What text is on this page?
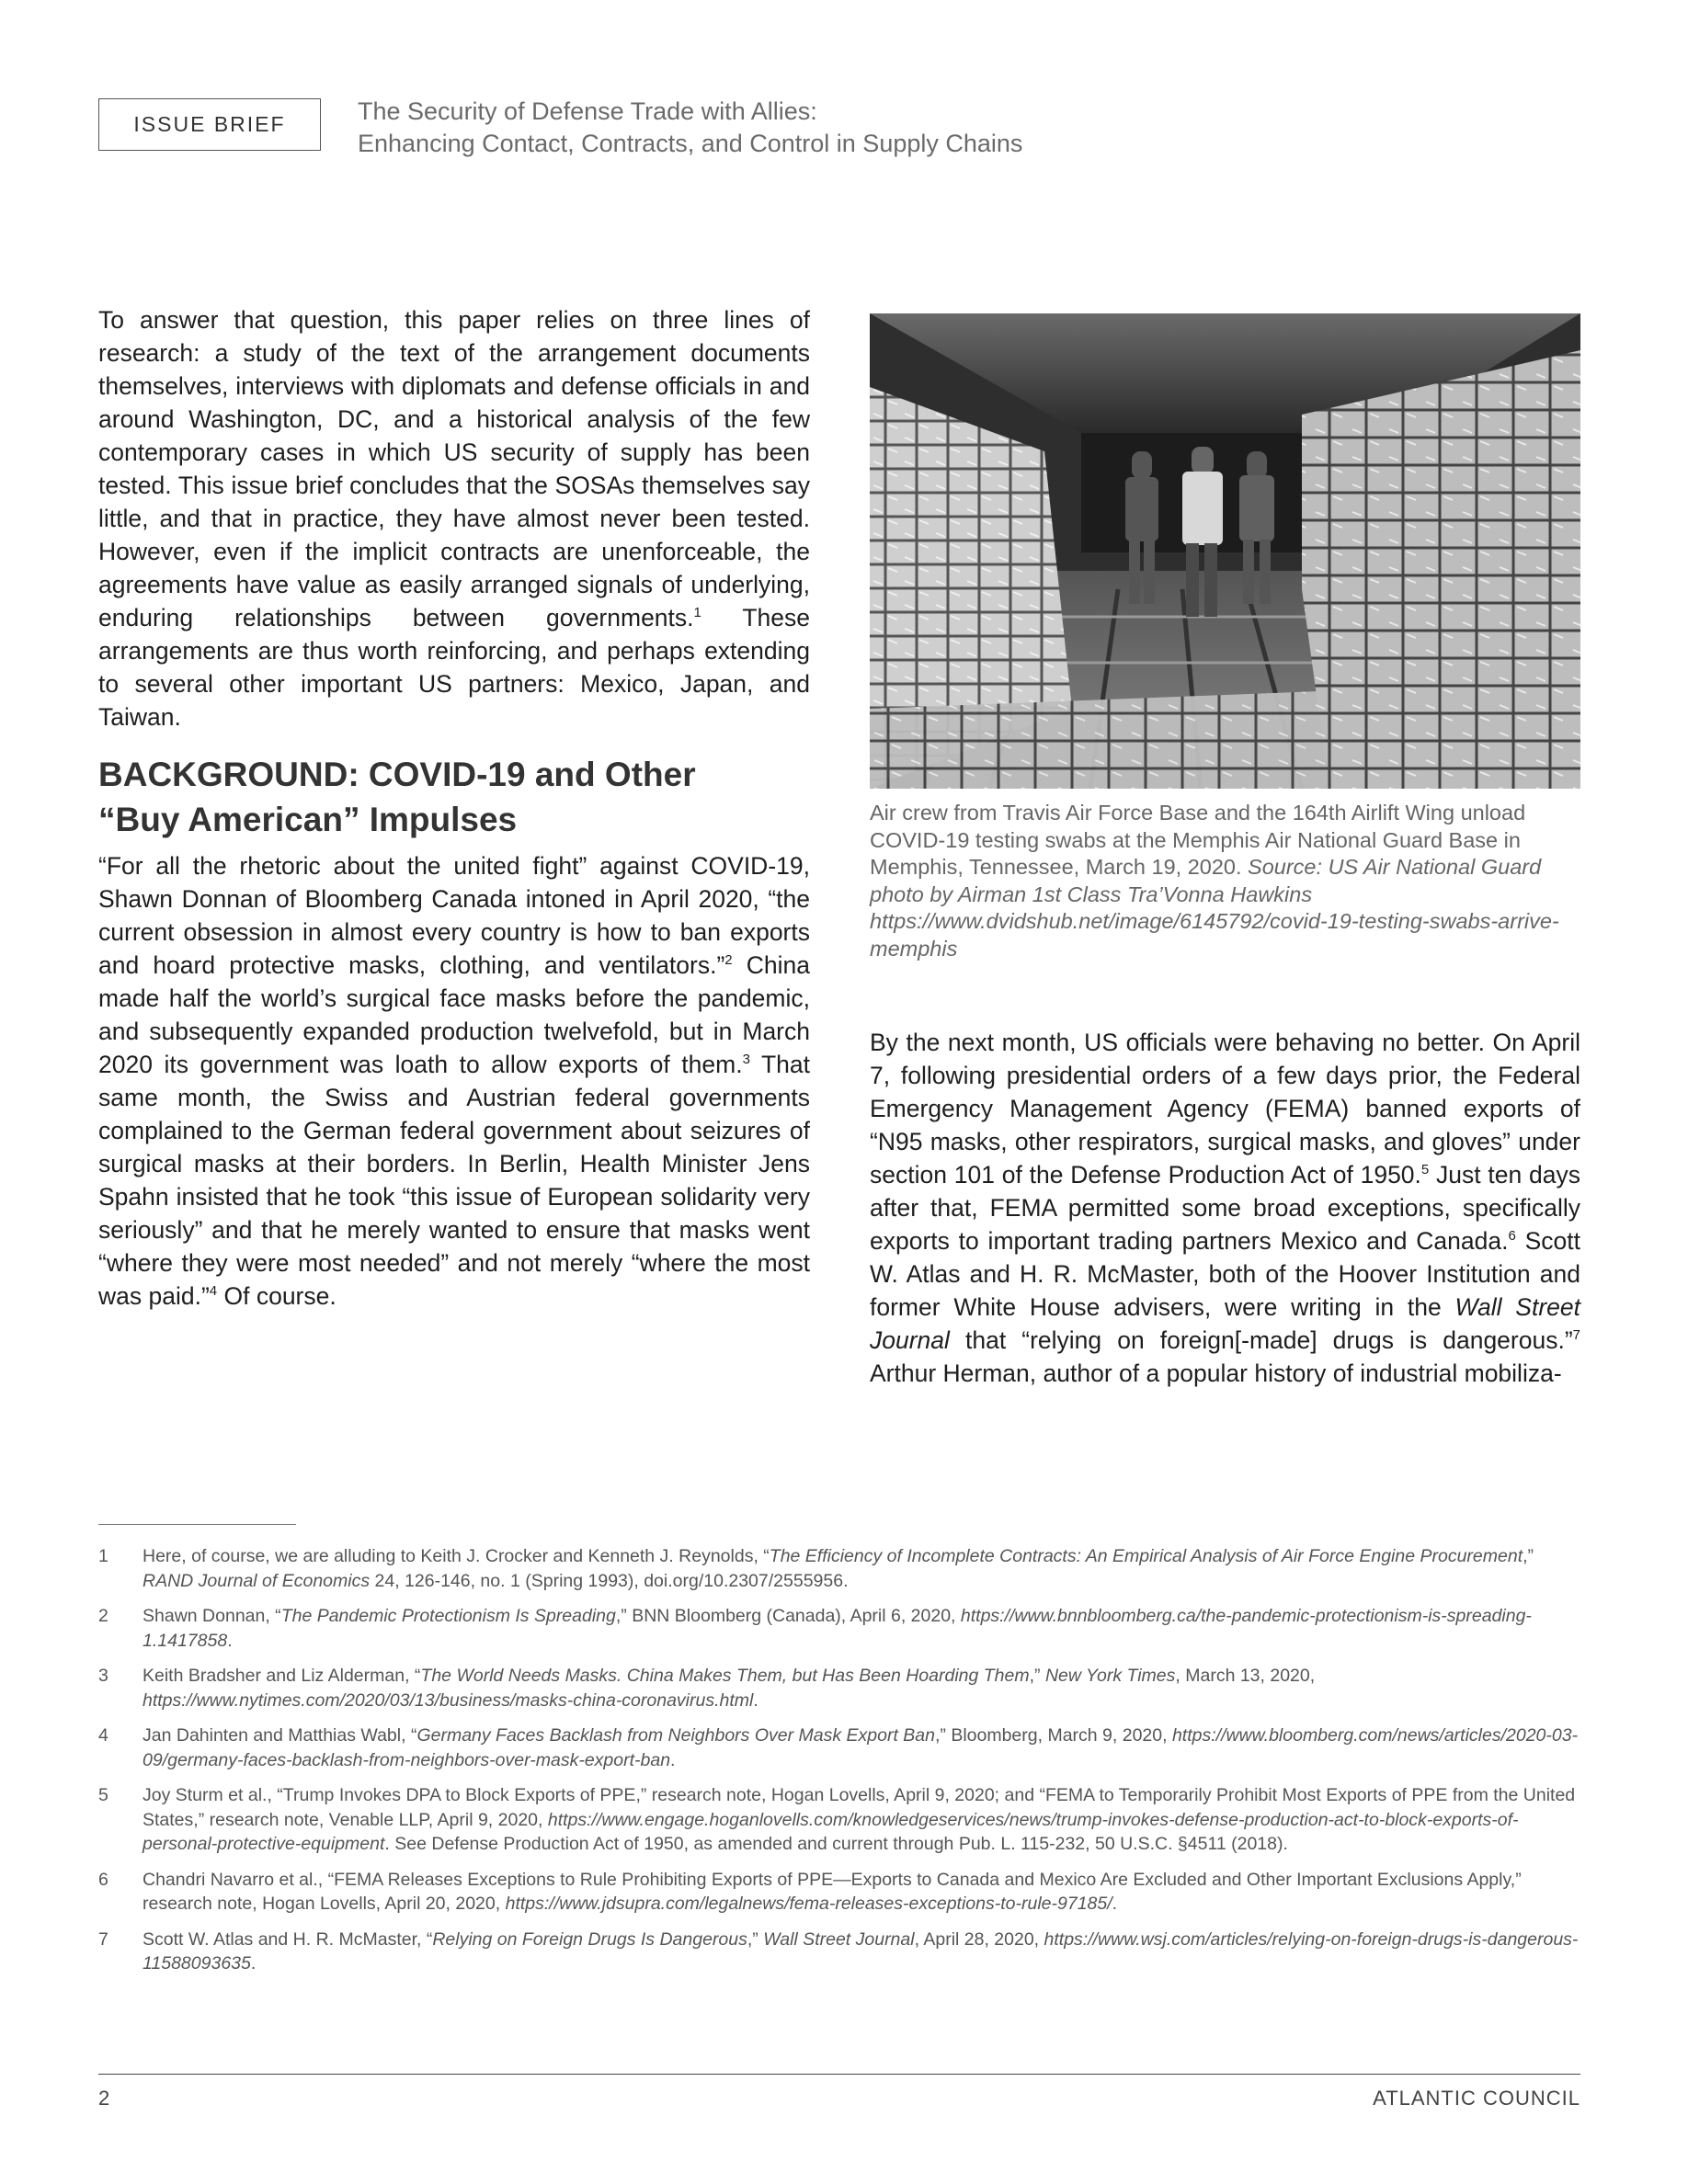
ISSUE BRIEF	The Security of Defense Trade with Allies:
Enhancing Contact, Contracts, and Control in Supply Chains

To answer that question, this paper relies on three lines of research: a study of the text of the arrangement documents themselves, interviews with diplomats and defense officials in and around Washington, DC, and a historical analysis of the few contemporary cases in which US security of supply has been tested. This issue brief concludes that the SOSAs themselves say little, and that in practice, they have almost never been tested. However, even if the implicit contracts are unenforceable, the agreements have value as easily arranged signals of underlying, enduring relationships between governments.$^1$ These arrangements are thus worth reinforcing, and perhaps extending to several other important US partners: Mexico, Japan, and Taiwan.

BACKGROUND: COVID-19 and Other
“Buy American” Impulses

“For all the rhetoric about the united fight” against COVID-19, Shawn Donnan of Bloomberg Canada intoned in April 2020, “the current obsession in almost every country is how to ban exports and hoard protective masks, clothing, and ventilators.”$^2$ China made half the world’s surgical face masks before the pandemic, and subsequently expanded production twelvefold, but in March 2020 its government was loath to allow exports of them.$^3$ That same month, the Swiss and Austrian federal governments complained to the German federal government about seizures of surgical masks at their borders. In Berlin, Health Minister Jens Spahn insisted that he took “this issue of European solidarity very seriously” and that he merely wanted to ensure that masks went “where they were most needed” and not merely “where the most was paid.”$^4$ Of course.

Air crew from Travis Air Force Base and the 164th Airlift Wing unload COVID-19 testing swabs at the Memphis Air National Guard Base in Memphis, Tennessee, March 19, 2020. Source: US Air National Guard photo by Airman 1st Class Tra’Vonna Hawkins https://www.dvidshub.net/image/6145792/covid-19-testing-swabs-arrive-memphis

By the next month, US officials were behaving no better. On April 7, following presidential orders of a few days prior, the Federal Emergency Management Agency (FEMA) banned exports of “N95 masks, other respirators, surgical masks, and gloves” under section 101 of the Defense Production Act of 1950.$^5$ Just ten days after that, FEMA permitted some broad exceptions, specifically exports to important trading partners Mexico and Canada.$^6$ Scott W. Atlas and H. R. McMaster, both of the Hoover Institution and former White House advisers, were writing in the Wall Street Journal that “relying on foreign[-made] drugs is dangerous.”$^7$ Arthur Herman, author of a popular history of industrial mobiliza-

1 Here, of course, we are alluding to Keith J. Crocker and Kenneth J. Reynolds, “The Efficiency of Incomplete Contracts: An Empirical Analysis of Air Force Engine Procurement,” RAND Journal of Economics 24, 126-146, no. 1 (Spring 1993), doi.org/10.2307/2555956.
2 Shawn Donnan, “The Pandemic Protectionism Is Spreading,” BNN Bloomberg (Canada), April 6, 2020, https://www.bnnbloomberg.ca/the-pandemic-protectionism-is-spreading-1.1417858.
3 Keith Bradsher and Liz Alderman, “The World Needs Masks. China Makes Them, but Has Been Hoarding Them,” New York Times, March 13, 2020, https://www.nytimes.com/2020/03/13/business/masks-china-coronavirus.html.
4 Jan Dahinten and Matthias Wabl, “Germany Faces Backlash from Neighbors Over Mask Export Ban,” Bloomberg, March 9, 2020, https://www.bloomberg.com/news/articles/2020-03-09/germany-faces-backlash-from-neighbors-over-mask-export-ban.
5 Joy Sturm et al., “Trump Invokes DPA to Block Exports of PPE,” research note, Hogan Lovells, April 9, 2020; and “FEMA to Temporarily Prohibit Most Exports of PPE from the United States,” research note, Venable LLP, April 9, 2020, https://www.engage.hoganlovells.com/knowledgeservices/news/trump-invokes-defense-production-act-to-block-exports-of-personal-protective-equipment. See Defense Production Act of 1950, as amended and current through Pub. L. 115-232, 50 U.S.C. §4511 (2018).
6 Chandri Navarro et al., “FEMA Releases Exceptions to Rule Prohibiting Exports of PPE—Exports to Canada and Mexico Are Excluded and Other Important Exclusions Apply,” research note, Hogan Lovells, April 20, 2020, https://www.jdsupra.com/legalnews/fema-releases-exceptions-to-rule-97185/.
7 Scott W. Atlas and H. R. McMaster, “Relying on Foreign Drugs Is Dangerous,” Wall Street Journal, April 28, 2020, https://www.wsj.com/articles/relying-on-foreign-drugs-is-dangerous-11588093635.
2	ATLANTIC COUNCIL
